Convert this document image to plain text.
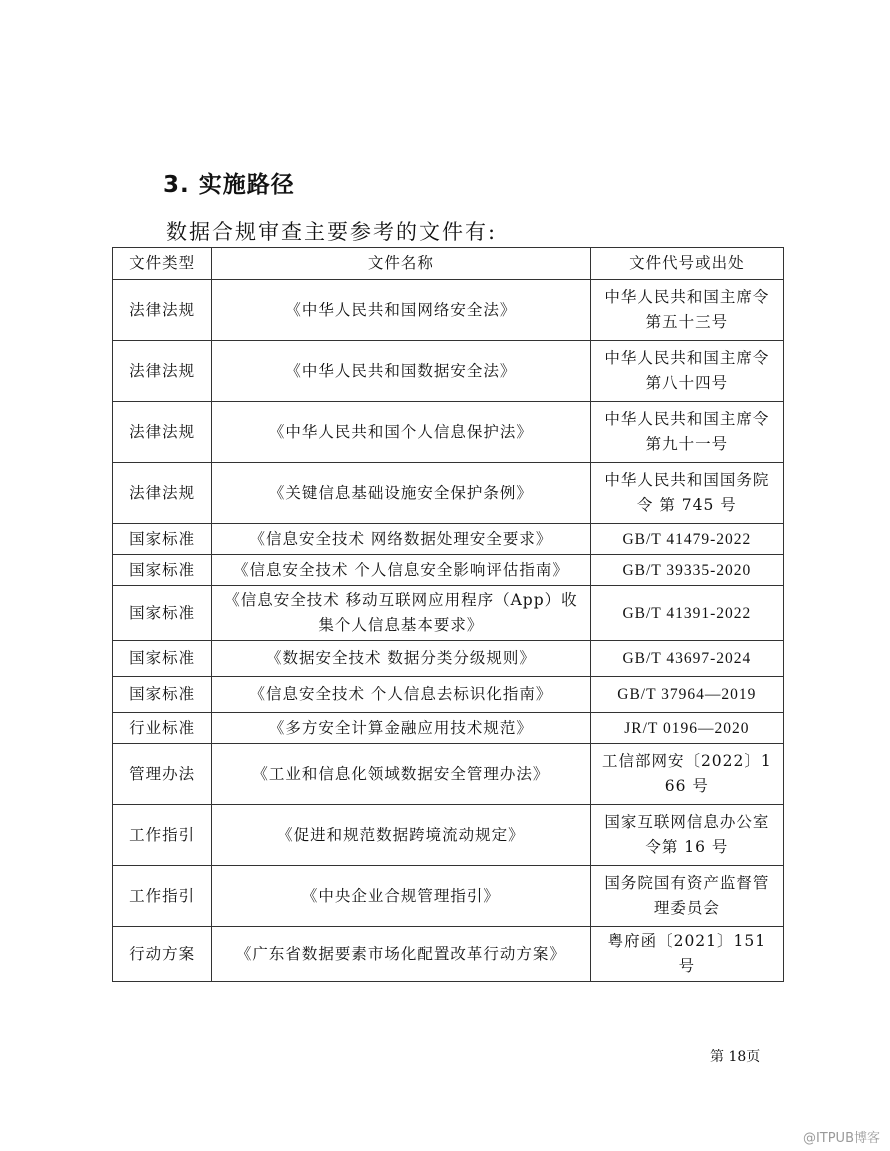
3. 实施路径
数据合规审查主要参考的文件有:
文件类型	文件名称	文件代号或出处
法律法规	《中华人民共和国网络安全法》	中华人民共和国主席令第五十三号
法律法规	《中华人民共和国数据安全法》	中华人民共和国主席令第八十四号
法律法规	《中华人民共和国个人信息保护法》	中华人民共和国主席令第九十一号
法律法规	《关键信息基础设施安全保护条例》	中华人民共和国国务院令 第 745 号
国家标准	《信息安全技术 网络数据处理安全要求》	GB/T 41479-2022
国家标准	《信息安全技术 个人信息安全影响评估指南》	GB/T 39335-2020
国家标准	《信息安全技术 移动互联网应用程序（App）收集个人信息基本要求》	GB/T 41391-2022
国家标准	《数据安全技术 数据分类分级规则》	GB/T 43697-2024
国家标准	《信息安全技术 个人信息去标识化指南》	GB/T 37964—2019
行业标准	《多方安全计算金融应用技术规范》	JR/T 0196—2020
管理办法	《工业和信息化领域数据安全管理办法》	工信部网安〔2022〕166 号
工作指引	《促进和规范数据跨境流动规定》	国家互联网信息办公室令第 16 号
工作指引	《中央企业合规管理指引》	国务院国有资产监督管理委员会
行动方案	《广东省数据要素市场化配置改革行动方案》	粤府函〔2021〕151 号
第 18页
@ITPUB博客
